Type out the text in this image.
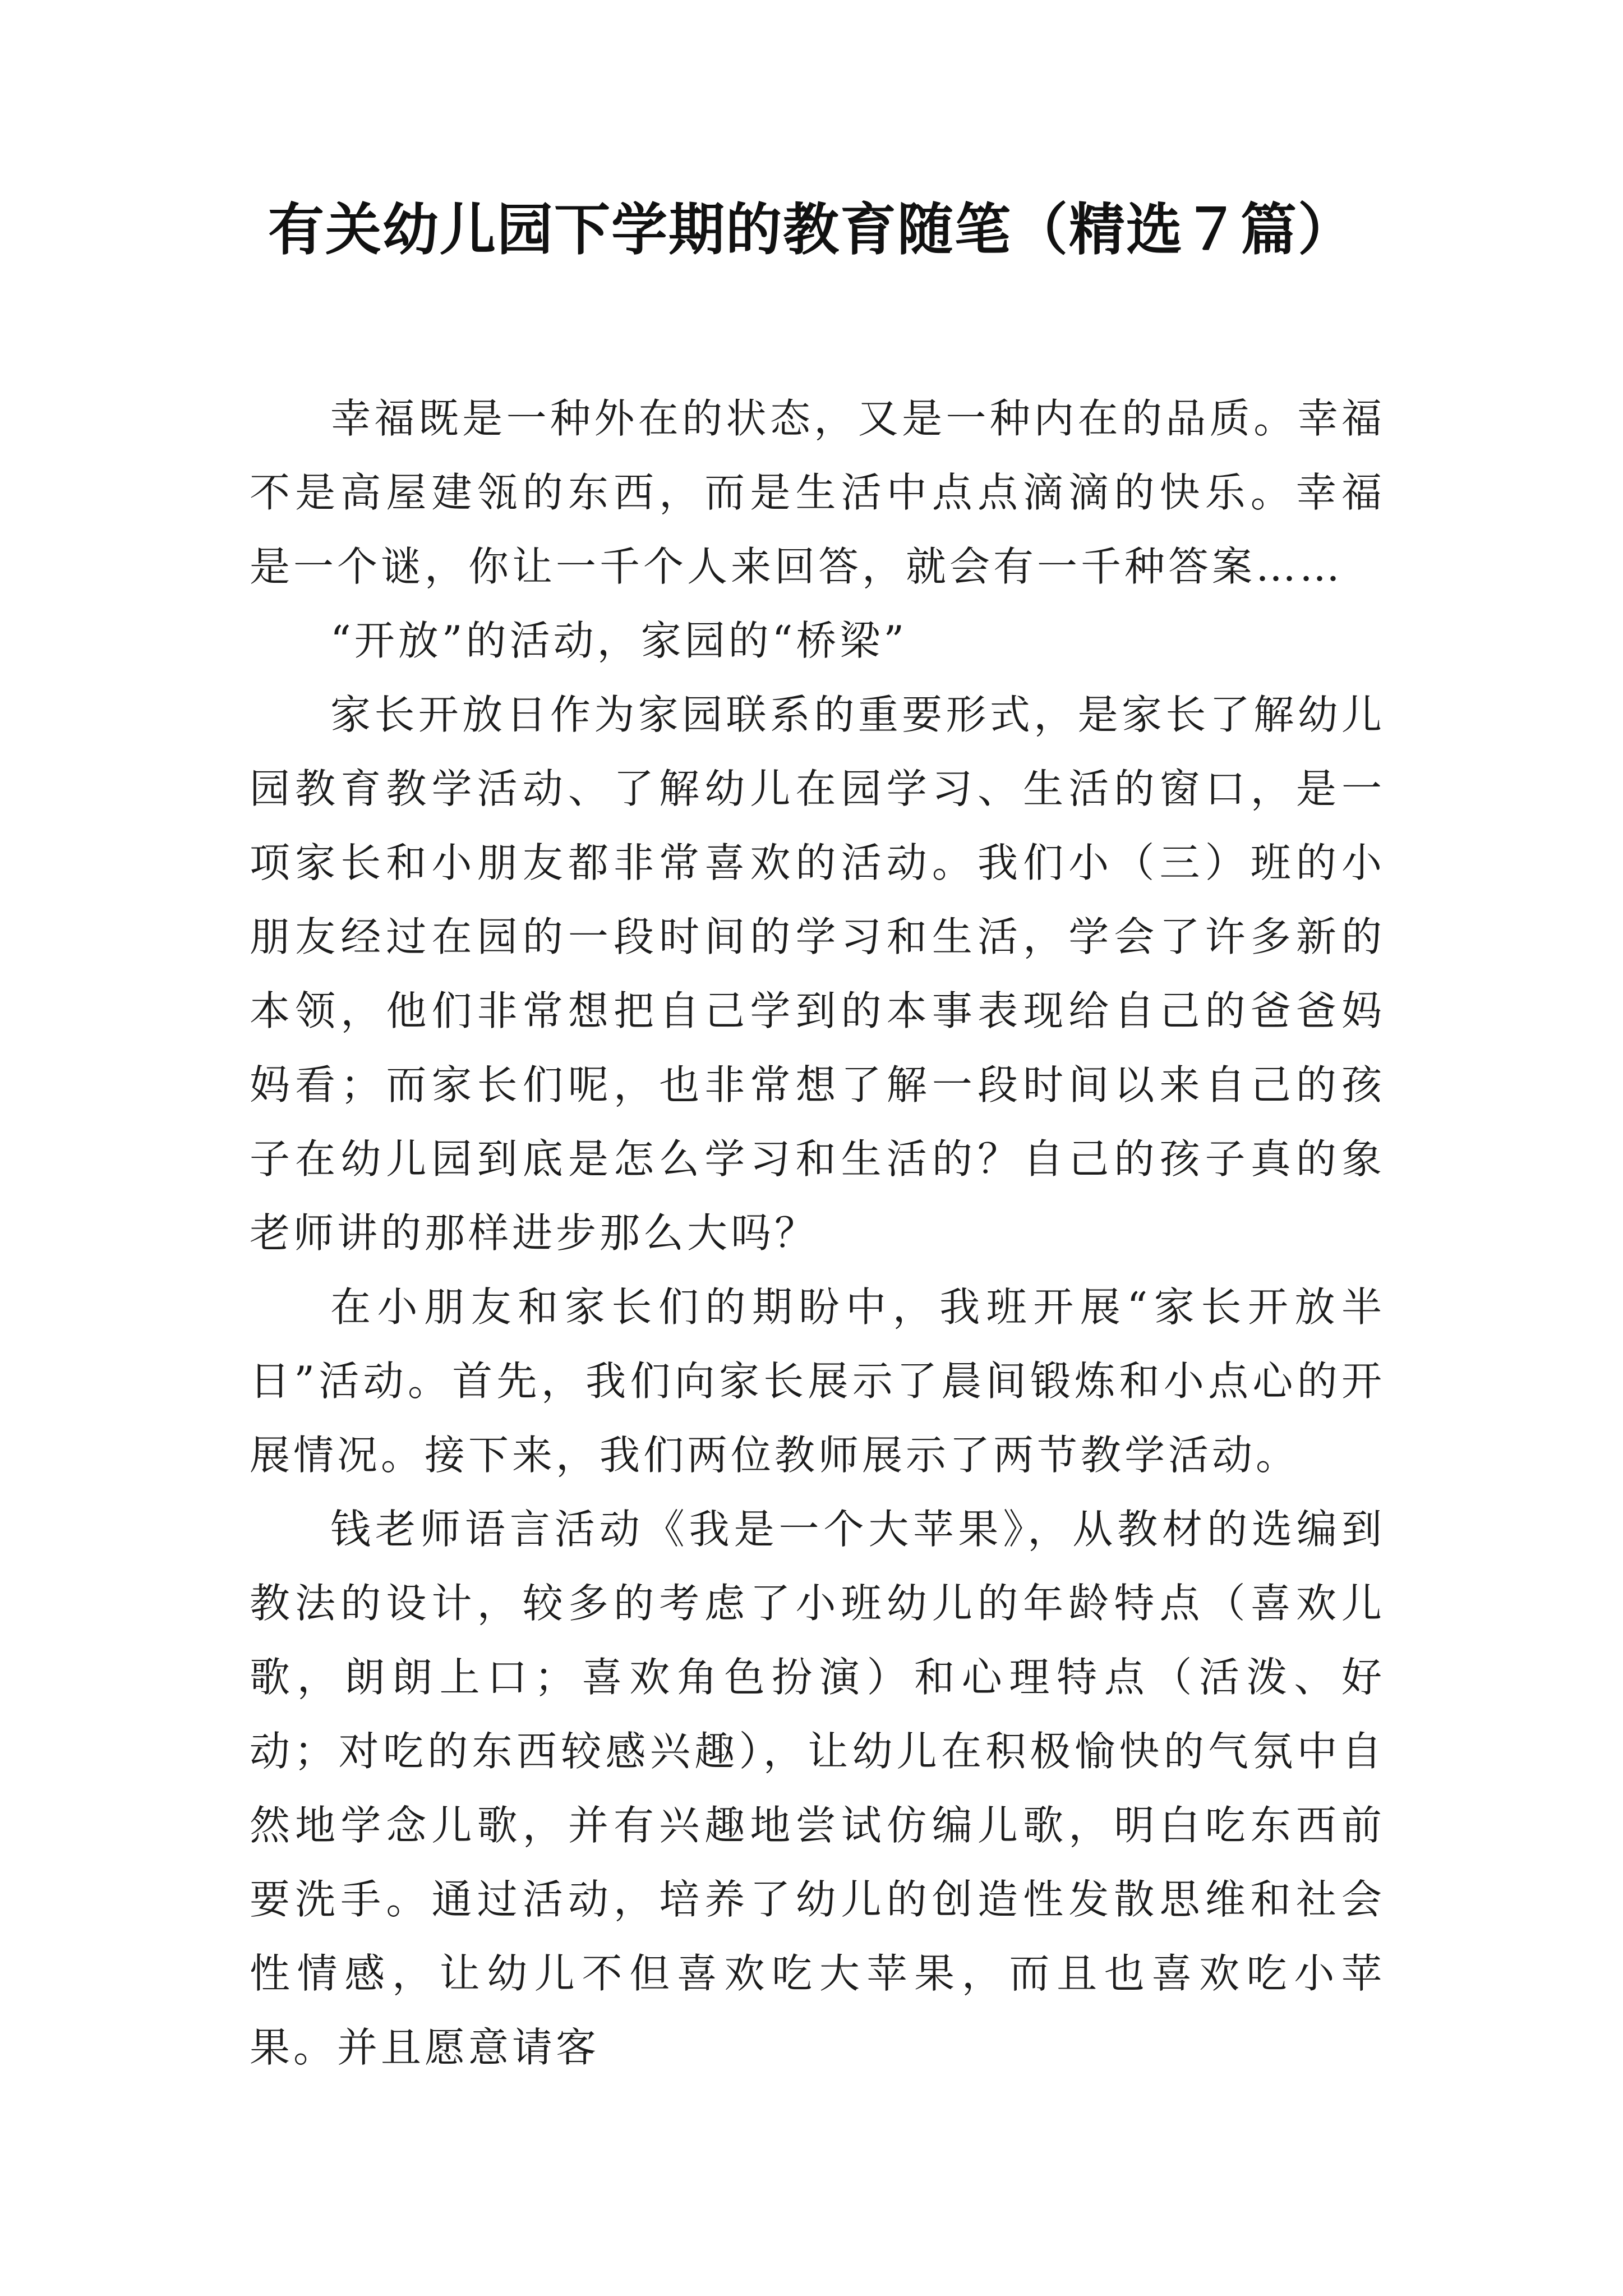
有关幼儿园下学期的教育随笔（精选７篇）

幸福既是一种外在的状态，又是一种内在的品质。幸福不是高屋建瓴的东西，而是生活中点点滴滴的快乐。幸福是一个谜，你让一千个人来回答，就会有一千种答案……

“开放”的活动，家园的“桥梁”

家长开放日作为家园联系的重要形式，是家长了解幼儿园教育教学活动、了解幼儿在园学习、生活的窗口，是一项家长和小朋友都非常喜欢的活动。我们小（三）班的小朋友经过在园的一段时间的学习和生活，学会了许多新的本领，他们非常想把自己学到的本事表现给自己的爸爸妈妈看；而家长们呢，也非常想了解一段时间以来自己的孩子在幼儿园到底是怎么学习和生活的？自己的孩子真的象老师讲的那样进步那么大吗？

在小朋友和家长们的期盼中，我班开展“家长开放半日”活动。首先，我们向家长展示了晨间锻炼和小点心的开展情况。接下来，我们两位教师展示了两节教学活动。

钱老师语言活动《我是一个大苹果》，从教材的选编到教法的设计，较多的考虑了小班幼儿的年龄特点（喜欢儿歌，朗朗上口；喜欢角色扮演）和心理特点（活泼、好动；对吃的东西较感兴趣），让幼儿在积极愉快的气氛中自然地学念儿歌，并有兴趣地尝试仿编儿歌，明白吃东西前要洗手。通过活动，培养了幼儿的创造性发散思维和社会性情感，让幼儿不但喜欢吃大苹果，而且也喜欢吃小苹果。并且愿意请客
